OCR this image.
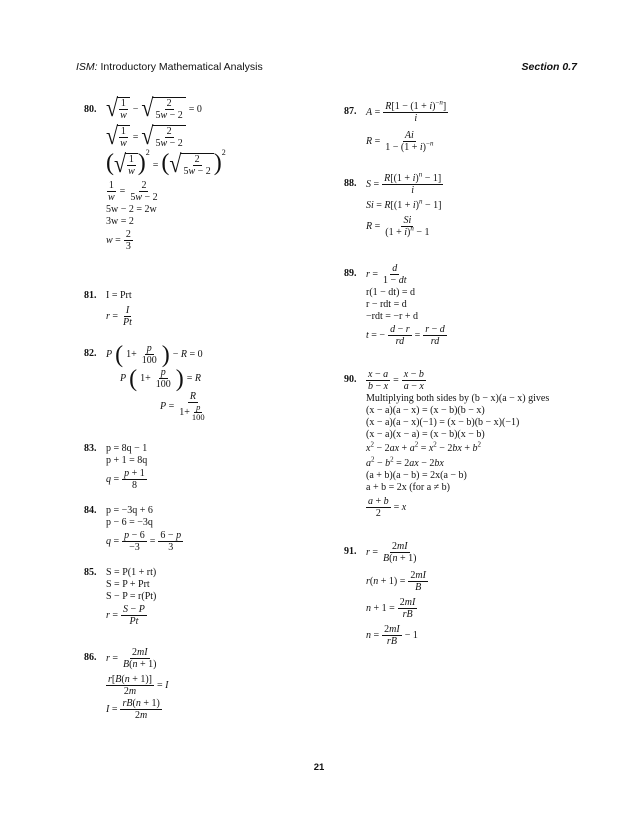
ISM: Introductory Mathematical Analysis	Section 0.7
80. √ $\frac{1}{w}$ − √ $\frac{2}{5w - 2} = 0$
√ $\frac{1}{w}$ = √ $\frac{2}{5w - 2}$
( √ $\frac{1}{w}$ ) 2
= ( √ $\frac{2}{5w - 2}$ ) 2
$\frac{1}{w} = \frac{2}{5w - 2}$
5w − 2 = 2w
3w = 2
$w = \frac{2}{3}$
81. I = Prt
$r = \frac{I}{Pt}$
82. P ( $1+ \frac{p}{100}$ ) − R = 0
P ( $1+ \frac{p}{100}$ ) = R
$P = \frac{R}{1+ \frac{p}{100}}$
83. p = 8q − 1
p + 1 = 8q
$q = \frac{p + 1}{8}$
84. p = −3q + 6
p − 6 = −3q
$q = \frac{p - 6}{-3} = \frac{6 - p}{3}$
85. S = P(1 + rt)
S = P + Prt
S − P = r(Pt)
$r = \frac{S - P}{Pt}$
86. $r = \frac{2mI}{B(n + 1)}$
$\frac{r[B(n + 1)]}{2m} = I$
$I = \frac{rB(n + 1)}{2m}$
87. $A = \frac{R[1 - (1 + i)^{-n}]}{i}$
$R = \frac{Ai}{1 - (1 + i)^{-n}}$
88. $S = \frac{R[(1 + i)^n - 1]}{i}$
$Si = R[(1 + i)^n - 1]$
$R = \frac{Si}{(1 + i)^n - 1}$
89. $r = \frac{d}{1 - dt}$
r(1 − dt) = d
r − rdt = d
−rdt = −r + d
t = − $\frac{d - r}{rd} = \frac{r - d}{rd}$
90. $\frac{x - a}{b - x} = \frac{x - b}{a - x}$
Multiplying both sides by (b − x)(a − x) gives
(x − a)(a − x) = (x − b)(b − x)
(x − a)(a − x)(−1) = (x − b)(b − x)(−1)
(x − a)(x − a) = (x − b)(x − b)
$x^2 - 2ax + a^2 = x^2 - 2bx + b^2$
$a^2 - b^2 = 2ax - 2bx$
(a + b)(a − b) = 2x(a − b)
a + b = 2x (for a ≠ b)
$\frac{a + b}{2} = x$
91. $r = \frac{2mI}{B(n + 1)}$
$r(n + 1) = \frac{2mI}{B}$
$n + 1 = \frac{2mI}{rB}$
$n = \frac{2mI}{rB} - 1$
21
